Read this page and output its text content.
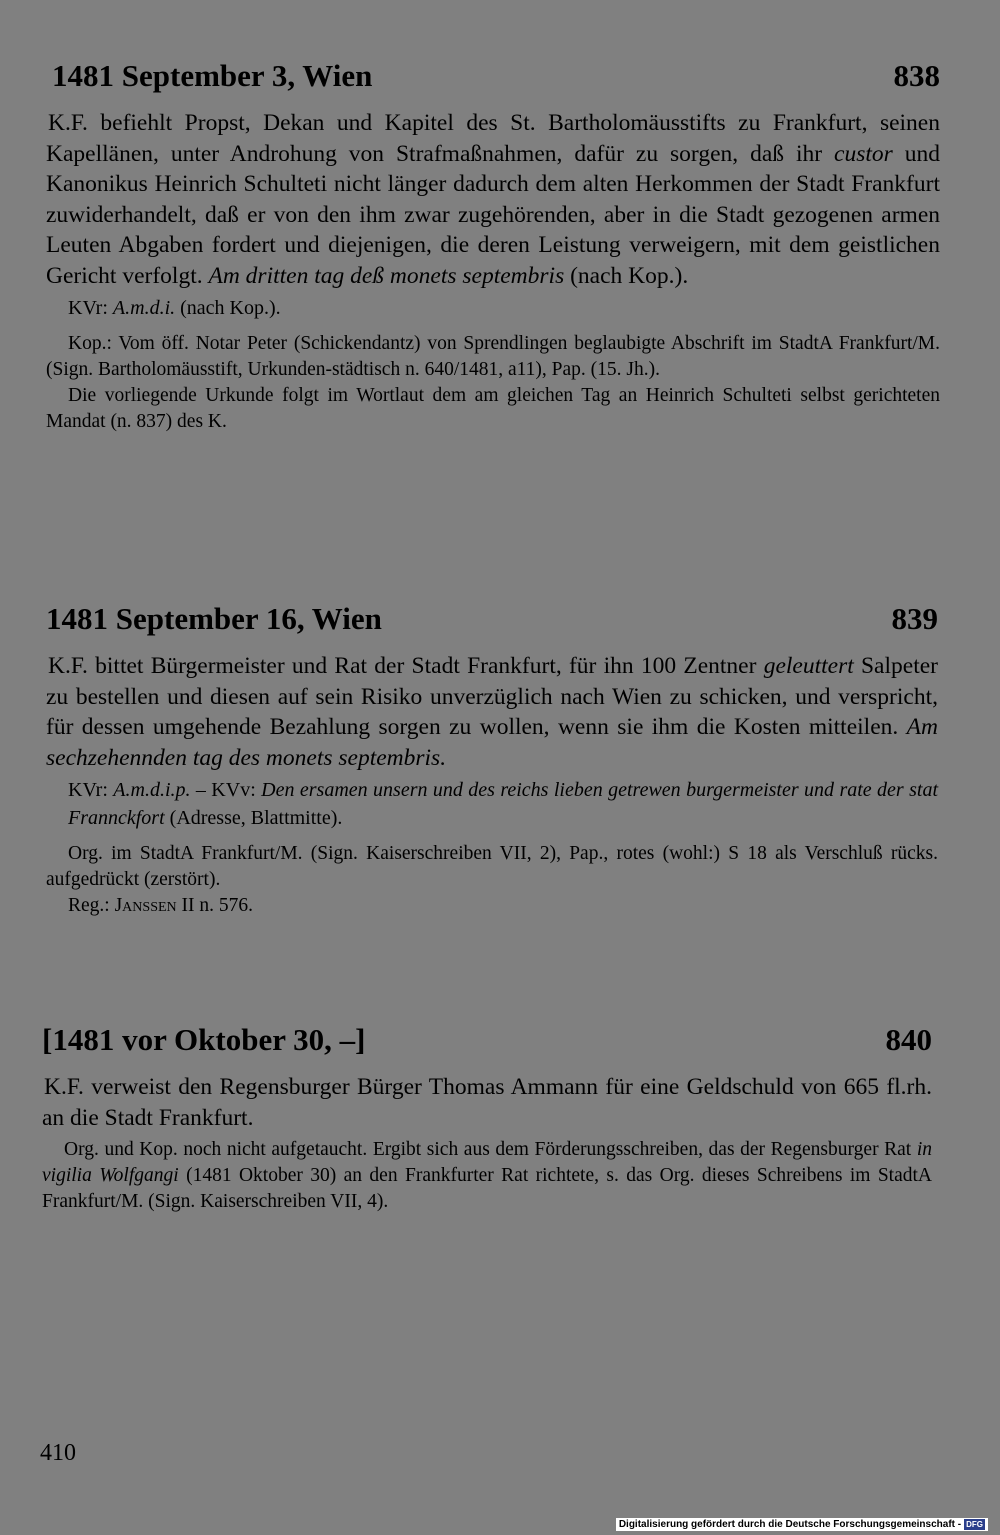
1481 September 3, Wien	838
K.F. befiehlt Propst, Dekan und Kapitel des St. Bartholomäusstifts zu Frankfurt, seinen Kapellänen, unter Androhung von Strafmaßnahmen, dafür zu sorgen, daß ihr custor und Kanonikus Heinrich Schulteti nicht länger dadurch dem alten Herkommen der Stadt Frankfurt zuwiderhandelt, daß er von den ihm zwar zugehörenden, aber in die Stadt gezogenen armen Leuten Abgaben fordert und diejenigen, die deren Leistung verweigern, mit dem geistlichen Gericht verfolgt. Am dritten tag deß monets septembris (nach Kop.).
KVr: A.m.d.i. (nach Kop.).

Kop.: Vom öff. Notar Peter (Schickendantz) von Sprendlingen beglaubigte Abschrift im StadtA Frankfurt/M. (Sign. Bartholomäusstift, Urkunden-städtisch n. 640/1481, a11), Pap. (15. Jh.).

Die vorliegende Urkunde folgt im Wortlaut dem am gleichen Tag an Heinrich Schulteti selbst gerichteten Mandat (n. 837) des K.

1481 September 16, Wien	839
K.F. bittet Bürgermeister und Rat der Stadt Frankfurt, für ihn 100 Zentner geleuttert Salpeter zu bestellen und diesen auf sein Risiko unverzüglich nach Wien zu schicken, und verspricht, für dessen umgehende Bezahlung sorgen zu wollen, wenn sie ihm die Kosten mitteilen. Am sechzehennden tag des monets septembris.
KVr: A.m.d.i.p. – KVv: Den ersamen unsern und des reichs lieben getrewen burgermeister und rate der stat Frannckfort (Adresse, Blattmitte).

Org. im StadtA Frankfurt/M. (Sign. Kaiserschreiben VII, 2), Pap., rotes (wohl:) S 18 als Verschluß rücks. aufgedrückt (zerstört).

Reg.: Janssen II n. 576.

[1481 vor Oktober 30, –]	840
K.F. verweist den Regensburger Bürger Thomas Ammann für eine Geldschuld von 665 fl.rh. an die Stadt Frankfurt.

Org. und Kop. noch nicht aufgetaucht. Ergibt sich aus dem Förderungsschreiben, das der Regensburger Rat in vigilia Wolfgangi (1481 Oktober 30) an den Frankfurter Rat richtete, s. das Org. dieses Schreibens im StadtA Frankfurt/M. (Sign. Kaiserschreiben VII, 4).

410
Digitalisierung gefördert durch die Deutsche Forschungsgemeinschaft - DFG
